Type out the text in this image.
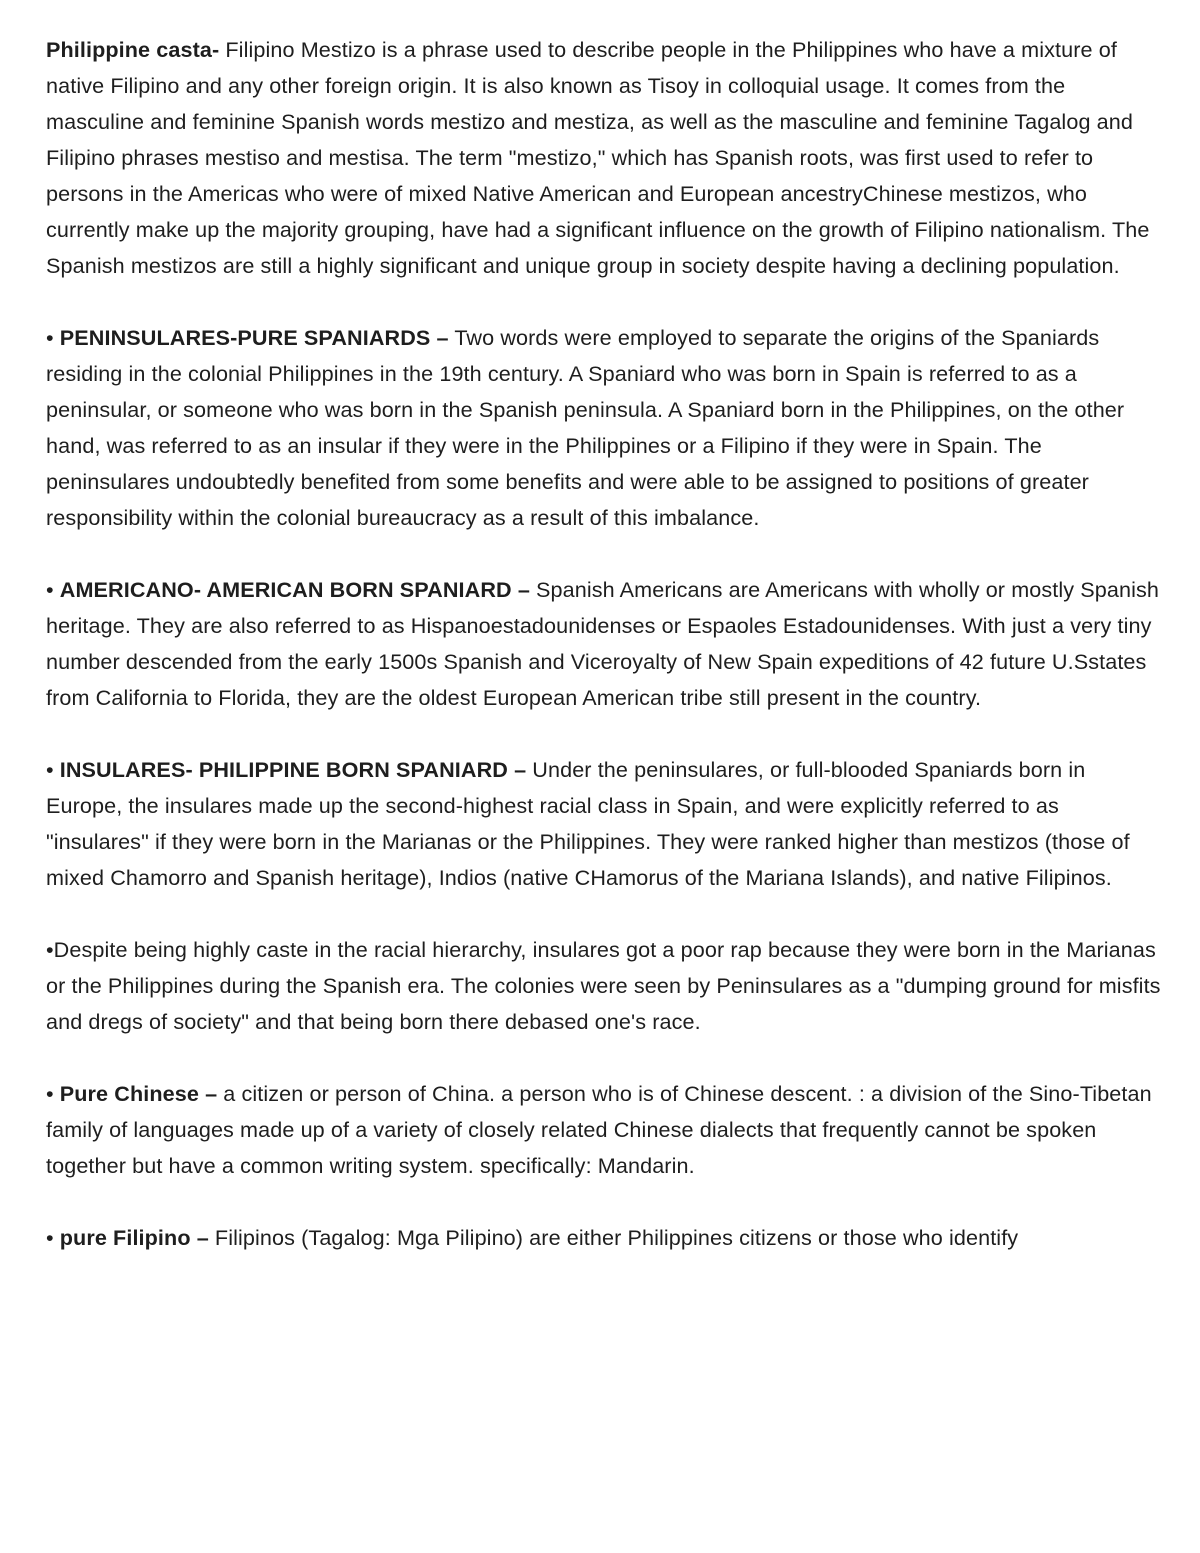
Philippine casta- Filipino Mestizo is a phrase used to describe people in the Philippines who have a mixture of native Filipino and any other foreign origin. It is also known as Tisoy in colloquial usage. It comes from the masculine and feminine Spanish words mestizo and mestiza, as well as the masculine and feminine Tagalog and Filipino phrases mestiso and mestisa. The term "mestizo," which has Spanish roots, was first used to refer to persons in the Americas who were of mixed Native American and European ancestryChinese mestizos, who currently make up the majority grouping, have had a significant influence on the growth of Filipino nationalism. The Spanish mestizos are still a highly significant and unique group in society despite having a declining population.

• PENINSULARES-PURE SPANIARDS – Two words were employed to separate the origins of the Spaniards residing in the colonial Philippines in the 19th century. A Spaniard who was born in Spain is referred to as a peninsular, or someone who was born in the Spanish peninsula. A Spaniard born in the Philippines, on the other hand, was referred to as an insular if they were in the Philippines or a Filipino if they were in Spain. The peninsulares undoubtedly benefited from some benefits and were able to be assigned to positions of greater responsibility within the colonial bureaucracy as a result of this imbalance.

• AMERICANO- AMERICAN BORN SPANIARD – Spanish Americans are Americans with wholly or mostly Spanish heritage. They are also referred to as Hispanoestadounidenses or Espaoles Estadounidenses. With just a very tiny number descended from the early 1500s Spanish and Viceroyalty of New Spain expeditions of 42 future U.Sstates from California to Florida, they are the oldest European American tribe still present in the country.

• INSULARES- PHILIPPINE BORN SPANIARD – Under the peninsulares, or full-blooded Spaniards born in Europe, the insulares made up the second-highest racial class in Spain, and were explicitly referred to as "insulares" if they were born in the Marianas or the Philippines. They were ranked higher than mestizos (those of mixed Chamorro and Spanish heritage), Indios (native CHamorus of the Mariana Islands), and native Filipinos.

•Despite being highly caste in the racial hierarchy, insulares got a poor rap because they were born in the Marianas or the Philippines during the Spanish era. The colonies were seen by Peninsulares as a "dumping ground for misfits and dregs of society" and that being born there debased one's race.

• Pure Chinese – a citizen or person of China. a person who is of Chinese descent. : a division of the Sino-Tibetan family of languages made up of a variety of closely related Chinese dialects that frequently cannot be spoken together but have a common writing system. specifically: Mandarin.

• pure Filipino – Filipinos (Tagalog: Mga Pilipino) are either Philippines citizens or those who identify
